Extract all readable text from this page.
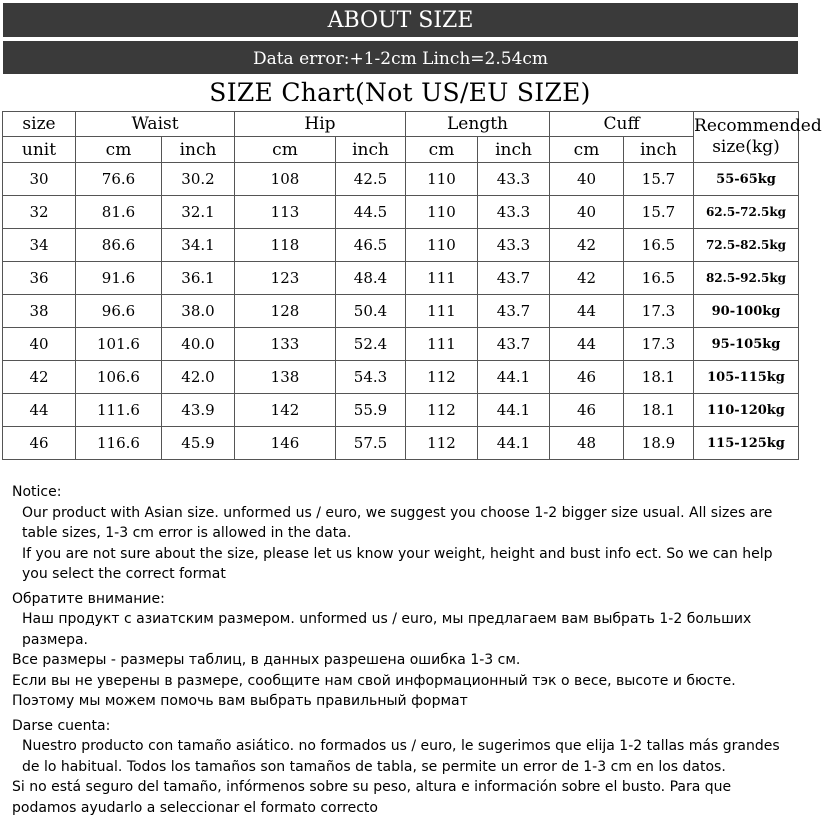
ABOUT SIZE
Data error:+1-2cm Linch=2.54cm
SIZE Chart(Not US/EU SIZE)
size	Waist		Hip		Length		Cuff		Recommended size(kg)
unit	cm	inch	cm	inch	cm	inch	cm	inch	
30	76.6	30.2	108	42.5	110	43.3	40	15.7	55-65kg
32	81.6	32.1	113	44.5	110	43.3	40	15.7	62.5-72.5kg
34	86.6	34.1	118	46.5	110	43.3	42	16.5	72.5-82.5kg
36	91.6	36.1	123	48.4	111	43.7	42	16.5	82.5-92.5kg
38	96.6	38.0	128	50.4	111	43.7	44	17.3	90-100kg
40	101.6	40.0	133	52.4	111	43.7	44	17.3	95-105kg
42	106.6	42.0	138	54.3	112	44.1	46	18.1	105-115kg
44	111.6	43.9	142	55.9	112	44.1	46	18.1	110-120kg
46	116.6	45.9	146	57.5	112	44.1	48	18.9	115-125kg

Notice:

Our product with Asian size. unformed us / euro, we suggest you choose 1-2 bigger size usual. All sizes are table sizes, 1-3 cm error is allowed in the data.

If you are not sure about the size, please let us know your weight, height and bust info ect. So we can help you select the correct format

Обратите внимание:

Наш продукт с азиатским размером. unformed us / euro, мы предлагаем вам выбрать 1-2 больших размера.

Все размеры - размеры таблиц, в данных разрешена ошибка 1-3 см.

Если вы не уверены в размере, сообщите нам свой информационный тэк о весе, высоте и бюсте. Поэтому мы можем помочь вам выбрать правильный формат

Darse cuenta:

Nuestro producto con tamaño asiático. no formados us / euro, le sugerimos que elija 1-2 tallas más grandes de lo habitual. Todos los tamaños son tamaños de tabla, se permite un error de 1-3 cm en los datos.

Si no está seguro del tamaño, infórmenos sobre su peso, altura e información sobre el busto. Para que podamos ayudarlo a seleccionar el formato correcto
